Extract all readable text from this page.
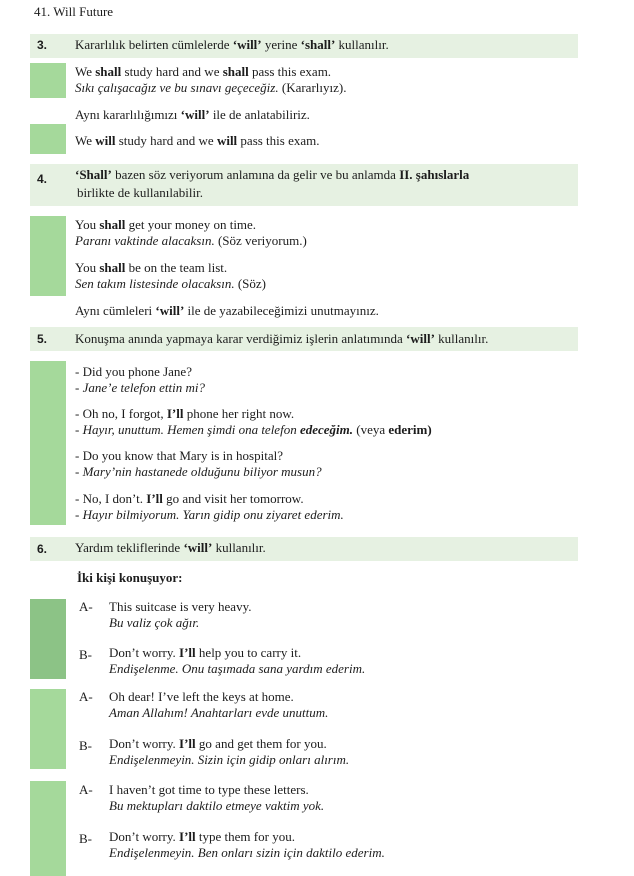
41. Will Future
3. Kararlılık belirten cümlelerde ‘will’ yerine ‘shall’ kullanılır.
We shall study hard and we shall pass this exam.
Sıkı çalışacağız ve bu sınavı geçeceğiz. (Kararlıyız).
Aynı kararlılığımızı ‘will’ ile de anlatabiliriz.
We will study hard and we will pass this exam.
4. ‘Shall’ bazen söz veriyorum anlamına da gelir ve bu anlamda II. şahıslarla
birlikte de kullanılabilir.
You shall get your money on time.
Paranı vaktinde alacaksın. (Söz veriyorum.)
You shall be on the team list.
Sen takım listesinde olacaksın. (Söz)
Aynı cümleleri ‘will’ ile de yazabileceğimizi unutmayınız.
5. Konuşma anında yapmaya karar verdiğimiz işlerin anlatımında ‘will’ kullanılır.
- Did you phone Jane?
- Jane’e telefon ettin mi?
- Oh no, I forgot, I’ll phone her right now.
- Hayır, unuttum. Hemen şimdi ona telefon edeceğim. (veya ederim)
- Do you know that Mary is in hospital?
- Mary’nin hastanede olduğunu biliyor musun?
- No, I don’t. I’ll go and visit her tomorrow.
- Hayır bilmiyorum. Yarın gidip onu ziyaret ederim.
6. Yardım tekliflerinde ‘will’ kullanılır.
İki kişi konuşuyor:
A- This suitcase is very heavy.
Bu valiz çok ağır.
B- Don’t worry. I’ll help you to carry it.
Endişelenme. Onu taşımada sana yardım ederim.
A- Oh dear! I’ve left the keys at home.
Aman Allahım! Anahtarları evde unuttum.
B- Don’t worry. I’ll go and get them for you.
Endişelenmeyin. Sizin için gidip onları alırım.
A- I haven’t got time to type these letters.
Bu mektupları daktilo etmeye vaktim yok.
B- Don’t worry. I’ll type them for you.
Endişelenmeyin. Ben onları sizin için daktilo ederim.
